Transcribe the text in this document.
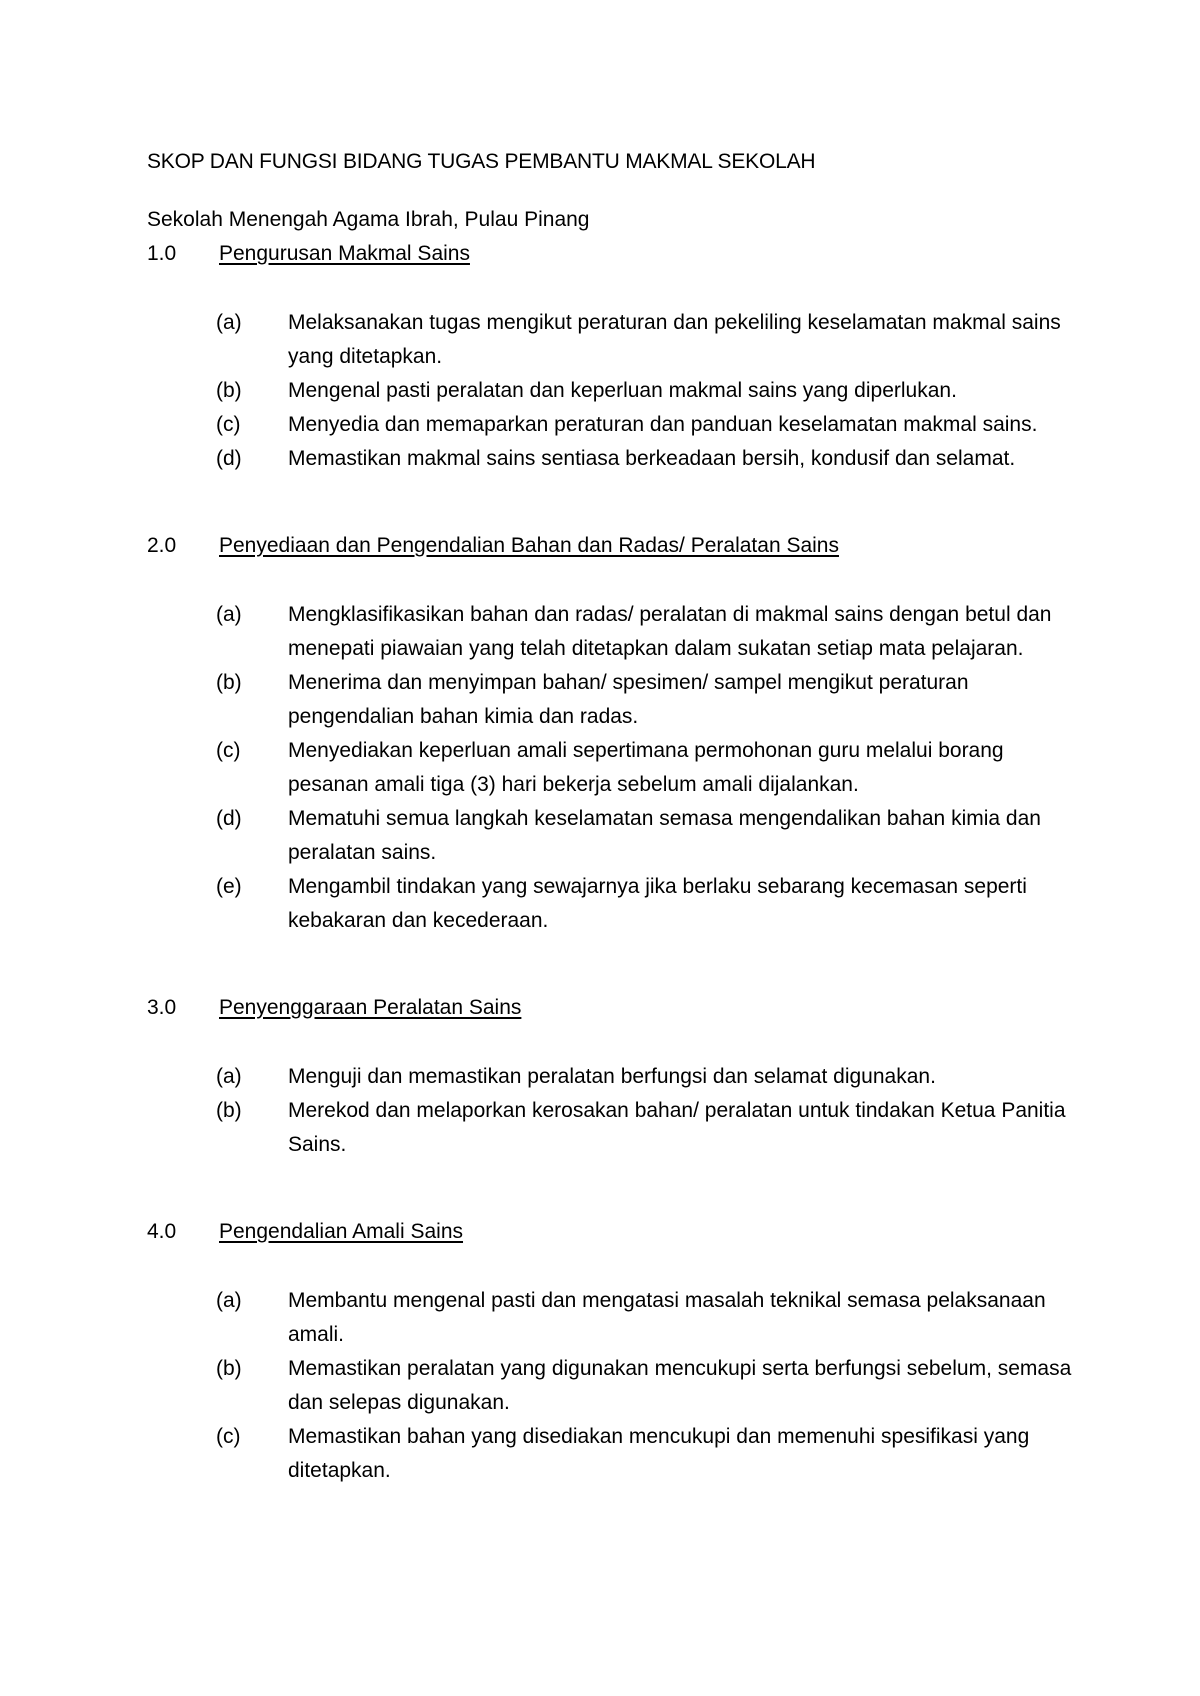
SKOP DAN FUNGSI BIDANG TUGAS PEMBANTU MAKMAL SEKOLAH

Sekolah Menengah Agama Ibrah, Pulau Pinang

1.0	Pengurusan Makmal Sains
(a)	Melaksanakan tugas mengikut peraturan dan pekeliling keselamatan makmal sains yang ditetapkan.
(b)	Mengenal pasti peralatan dan keperluan makmal sains yang diperlukan.
(c)	Menyedia dan memaparkan peraturan dan panduan keselamatan makmal sains.
(d)	Memastikan makmal sains sentiasa berkeadaan bersih, kondusif dan selamat.
2.0	Penyediaan dan Pengendalian Bahan dan Radas/ Peralatan Sains
(a)	Mengklasifikasikan bahan dan radas/ peralatan di makmal sains dengan betul dan menepati piawaian yang telah ditetapkan dalam sukatan setiap mata pelajaran.
(b)	Menerima dan menyimpan bahan/ spesimen/ sampel mengikut peraturan pengendalian bahan kimia dan radas.
(c)	Menyediakan keperluan amali sepertimana permohonan guru melalui borang pesanan amali tiga (3) hari bekerja sebelum amali dijalankan.
(d)	Mematuhi semua langkah keselamatan semasa mengendalikan bahan kimia dan peralatan sains.
(e)	Mengambil tindakan yang sewajarnya jika berlaku sebarang kecemasan seperti kebakaran dan kecederaan.
3.0	Penyenggaraan Peralatan Sains
(a)	Menguji dan memastikan peralatan berfungsi dan selamat digunakan.
(b)	Merekod dan melaporkan kerosakan bahan/ peralatan untuk tindakan Ketua Panitia Sains.
4.0	Pengendalian Amali Sains
(a)	Membantu mengenal pasti dan mengatasi masalah teknikal semasa pelaksanaan amali.
(b)	Memastikan peralatan yang digunakan mencukupi serta berfungsi sebelum, semasa dan selepas digunakan.
(c)	Memastikan bahan yang disediakan mencukupi dan memenuhi spesifikasi yang ditetapkan.
